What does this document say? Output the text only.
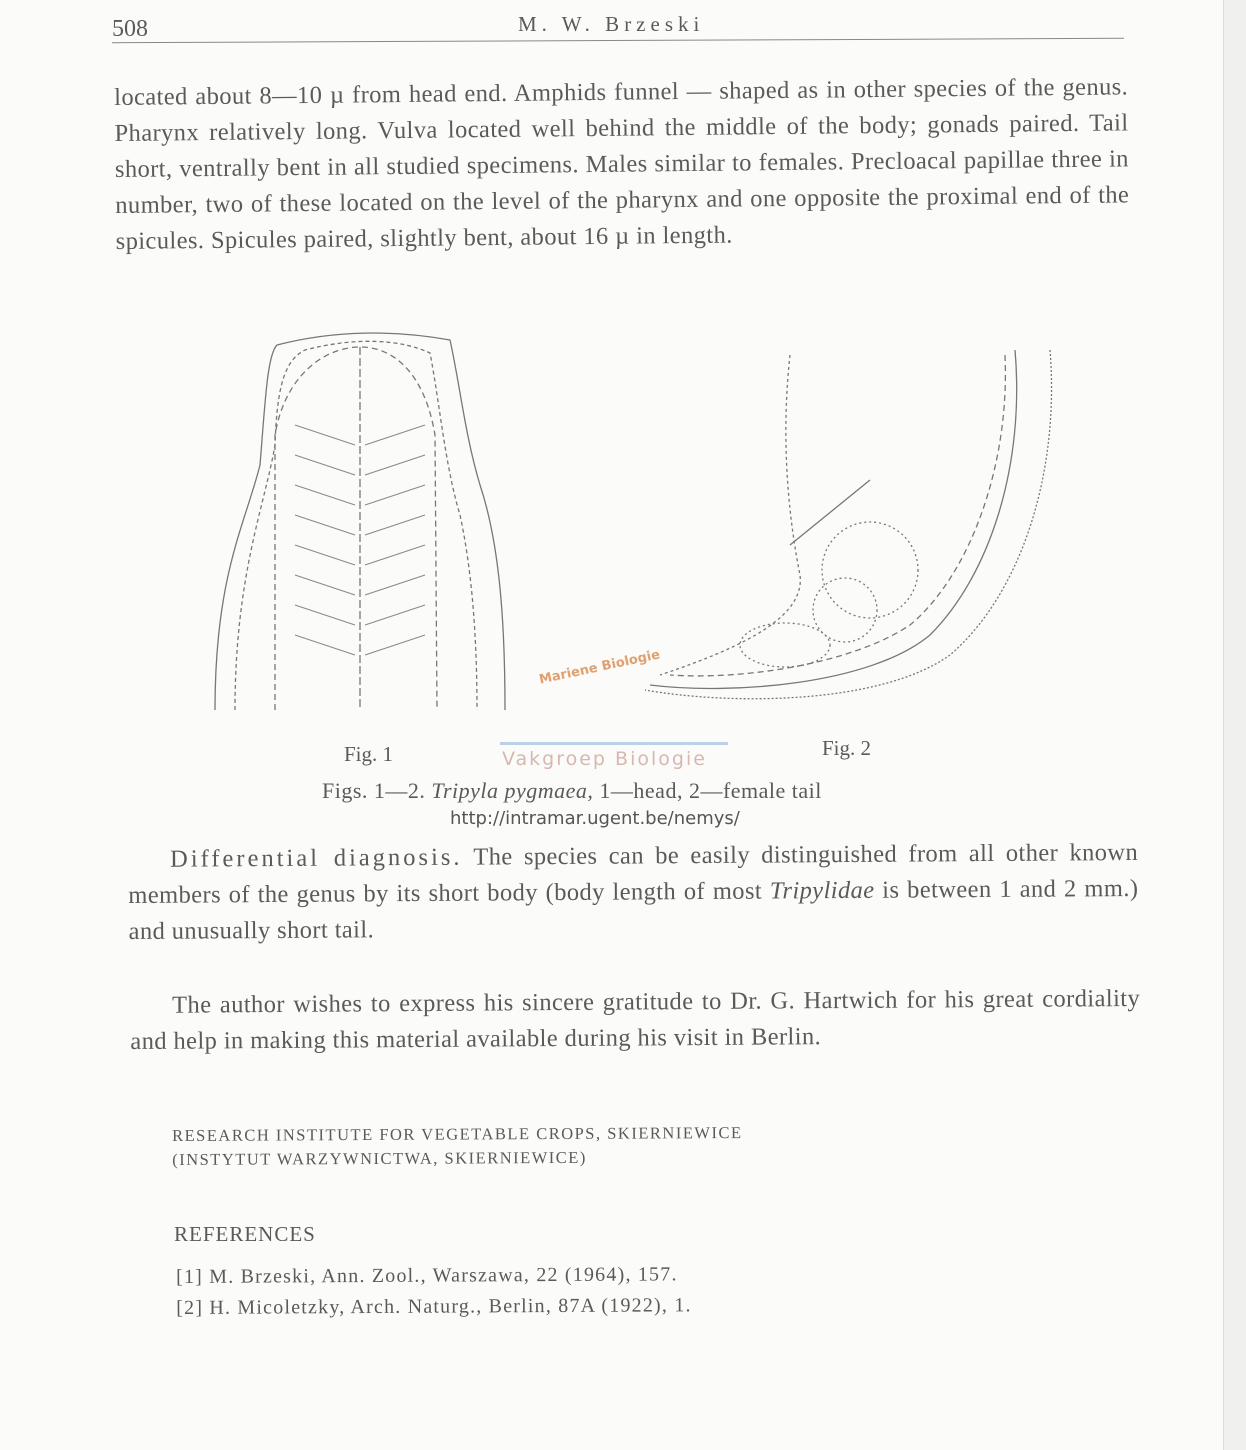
508	M. W. Brzeski
located about 8—10 µ from head end. Amphids funnel — shaped as in other species of the genus. Pharynx relatively long. Vulva located well behind the middle of the body; gonads paired. Tail short, ventrally bent in all studied specimens. Males similar to females. Precloacal papillae three in number, two of these located on the level of the pharynx and one opposite the proximal end of the spicules. Spicules paired, slightly bent, about 16 µ in length.
Mariene Biologie
Vakgroep Biologie
Fig. 1	Fig. 2
Figs. 1—2. Tripyla pygmaea, 1—head, 2—female tail
http://intramar.ugent.be/nemys/
Differential diagnosis. The species can be easily distinguished from all other known members of the genus by its short body (body length of most Tripylidae is between 1 and 2 mm.) and unusually short tail.
The author wishes to express his sincere gratitude to Dr. G. Hartwich for his great cordiality and help in making this material available during his visit in Berlin.
RESEARCH INSTITUTE FOR VEGETABLE CROPS, SKIERNIEWICE
(INSTYTUT WARZYWNICTWA, SKIERNIEWICE)
REFERENCES
[1] M. Brzeski, Ann. Zool., Warszawa, 22 (1964), 157.
[2] H. Micoletzky, Arch. Naturg., Berlin, 87A (1922), 1.
